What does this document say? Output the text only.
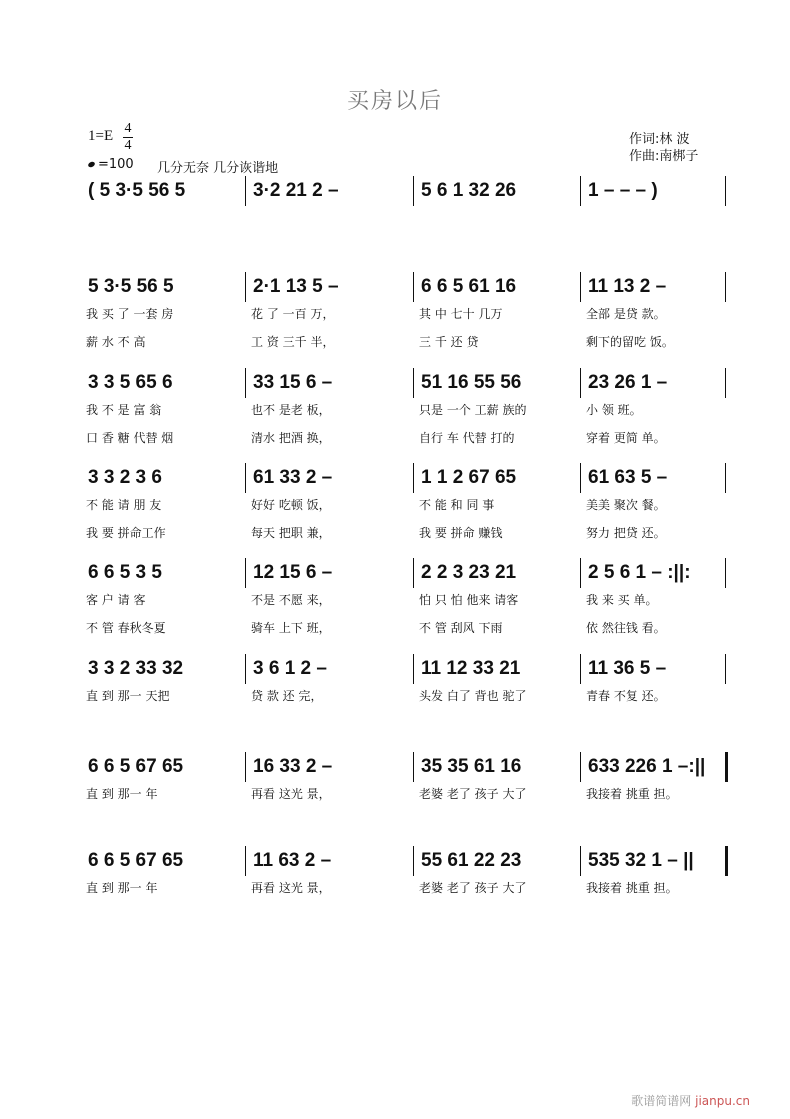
买房以后
1=E 4
4
=100 几分无奈 几分诙谐地
作词:林 波
作曲:南梆子
( 5 3·5 56 5	3·2 21 2 –	5 6 1 32 26	1 – – – )
5 3·5 56 5	2·1 13 5 –	6 6 5 61 16	11 13 2 –
我 买 了 一套 房	花 了 一百 万，	其 中 七十 几万	全部 是贷 款。
薪 水 不 高	工 资 三千 半，	三 千 还 贷	剩下的留吃 饭。
3 3 5 65 6	33 15 6 –	51 16 55 56	23 26 1 –
我 不 是 富 翁	也不 是老 板，	只是 一个 工薪 族的	小 领 班。
口 香 糖 代替 烟	清水 把酒 换，	自行 车 代替 打的	穿着 更简 单。
3 3 2 3 6	61 33 2 –	1 1 2 67 65	61 63 5 –
不 能 请 朋 友	好好 吃顿 饭，	不 能 和 同 事	美美 聚次 餐。
我 要 拼命工作	每天 把职 兼，	我 要 拼命 赚钱	努力 把贷 还。
6 6 5 3 5	12 15 6 –	2 2 3 23 21	2 5 6 1 – :||:
客 户 请 客	不是 不愿 来，	怕 只 怕 他来 请客	我 来 买 单。
不 管 春秋冬夏	骑车 上下 班，	不 管 刮风 下雨	依 然往钱 看。
3 3 2 33 32	3 6 1 2 –	11 12 33 21	11 36 5 –
直 到 那一 天把	贷 款 还 完，	头发 白了 背也 驼了	青春 不复 还。
6 6 5 67 65	16 33 2 –	35 35 61 16	633 226 1 –:||
直 到 那一 年	再看 这光 景，	老婆 老了 孩子 大了	我接着 挑重 担。
6 6 5 67 65	11 63 2 –	55 61 22 23	535 32 1 – ||
直 到 那一 年	再看 这光 景，	老婆 老了 孩子 大了	我接着 挑重 担。
歌谱简谱网 jianpu.cn
